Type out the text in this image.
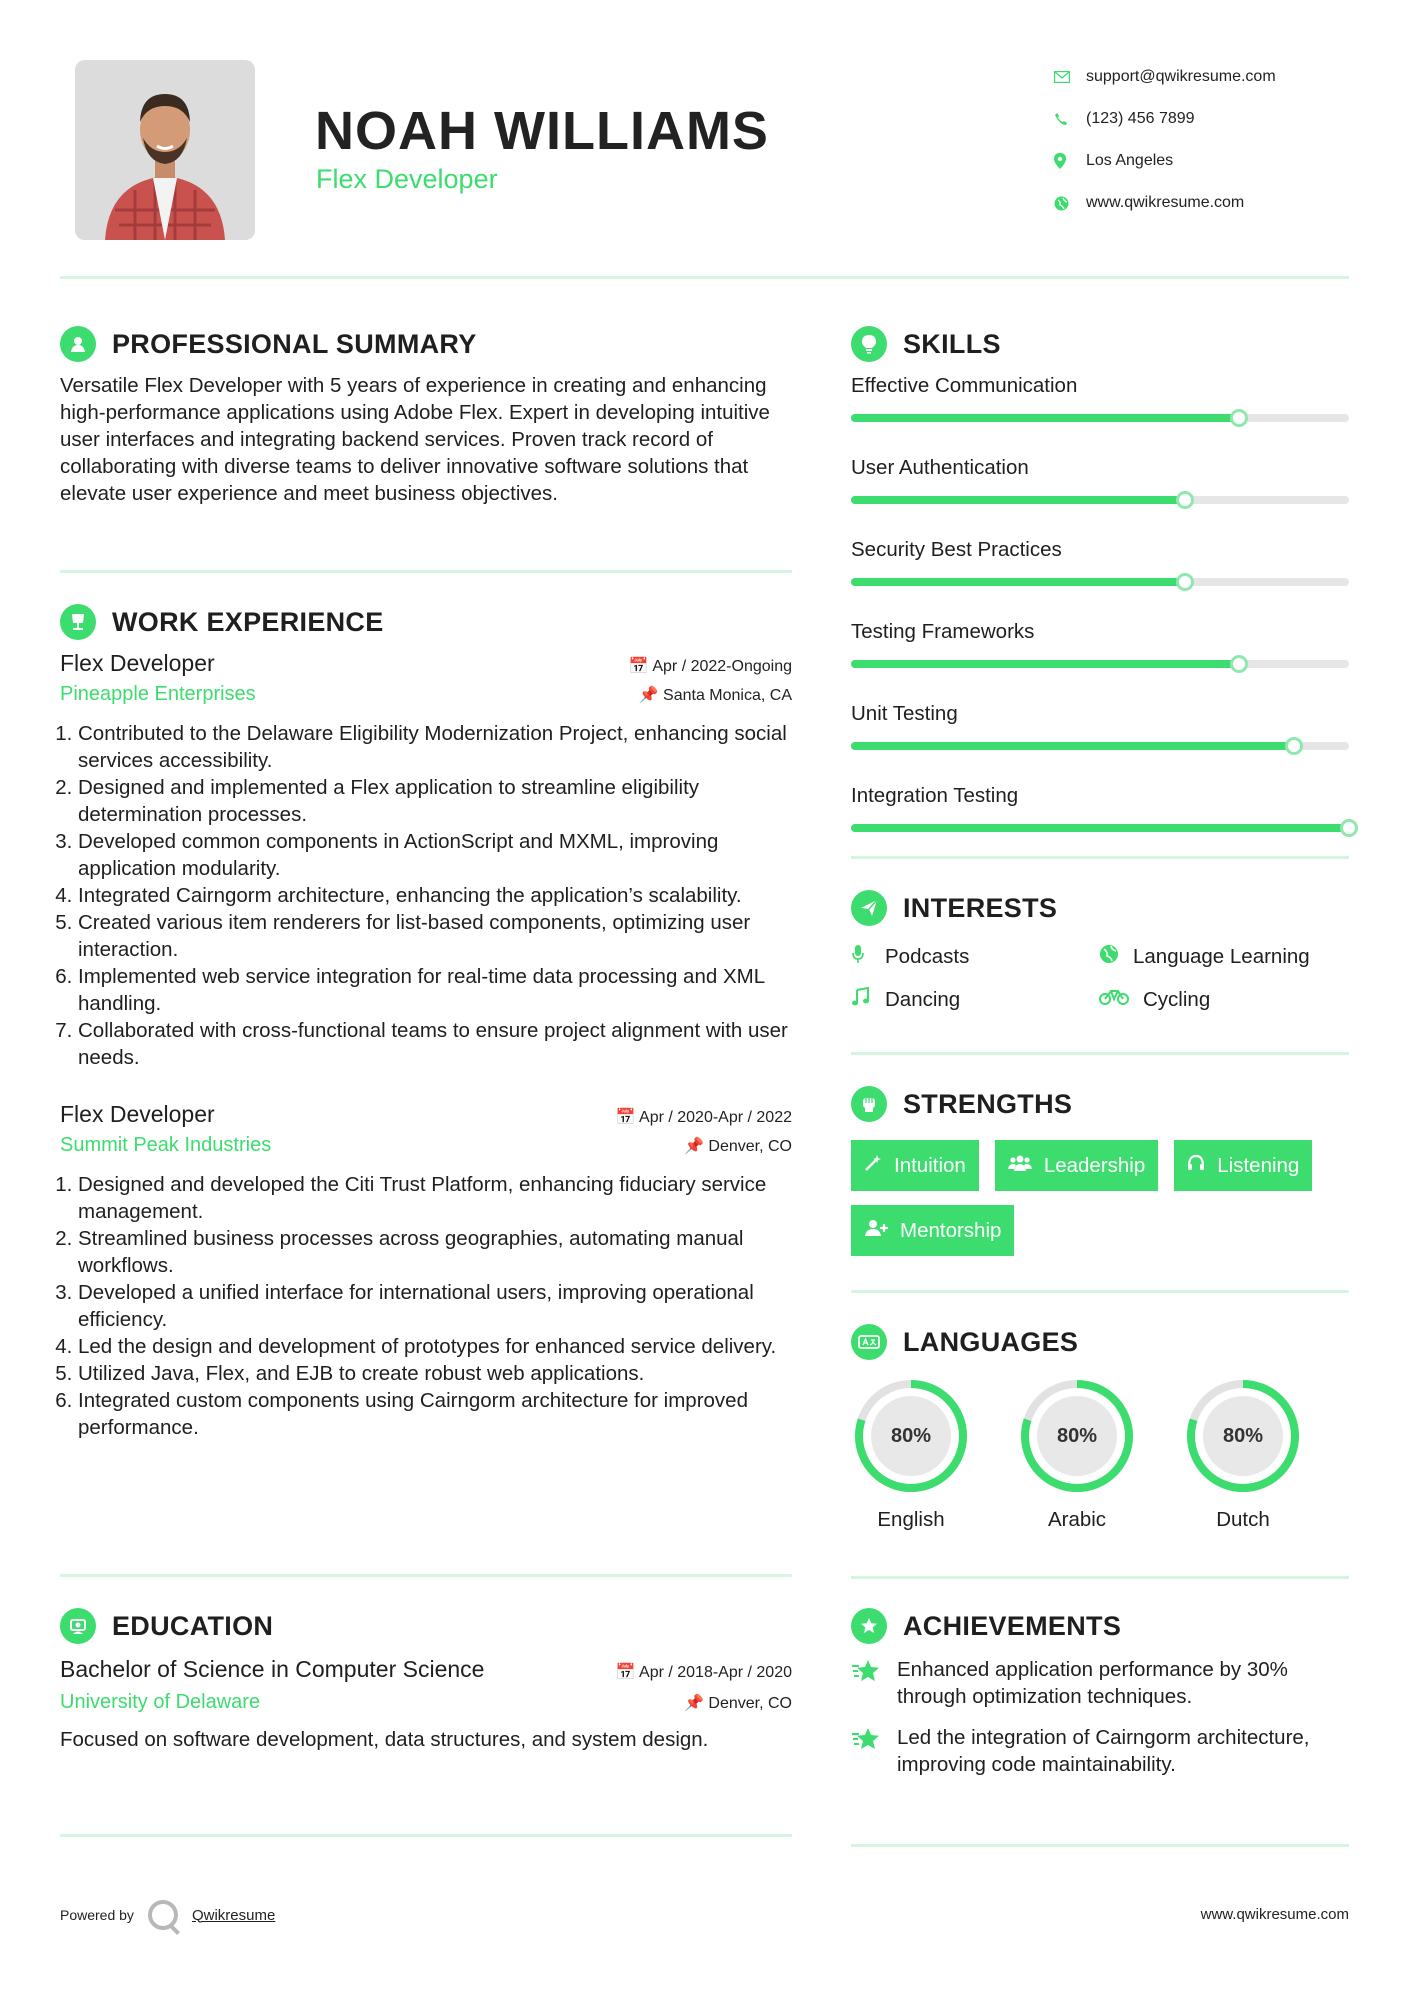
NOAH WILLIAMS
Flex Developer
support@qwikresume.com
(123) 456 7899
Los Angeles
www.qwikresume.com
PROFESSIONAL SUMMARY

Versatile Flex Developer with 5 years of experience in creating and enhancing high-performance applications using Adobe Flex. Expert in developing intuitive user interfaces and integrating backend services. Proven track record of collaborating with diverse teams to deliver innovative software solutions that elevate user experience and meet business objectives.

WORK EXPERIENCE
Flex Developer	📅 Apr / 2022-Ongoing
Pineapple Enterprises	📌 Santa Monica, CA
1. Contributed to the Delaware Eligibility Modernization Project, enhancing social services accessibility.
2. Designed and implemented a Flex application to streamline eligibility determination processes.
3. Developed common components in ActionScript and MXML, improving application modularity.
4. Integrated Cairngorm architecture, enhancing the application’s scalability.
5. Created various item renderers for list-based components, optimizing user interaction.
6. Implemented web service integration for real-time data processing and XML handling.
7. Collaborated with cross-functional teams to ensure project alignment with user needs.
Flex Developer	📅 Apr / 2020-Apr / 2022
Summit Peak Industries	📌 Denver, CO
1. Designed and developed the Citi Trust Platform, enhancing fiduciary service management.
2. Streamlined business processes across geographies, automating manual workflows.
3. Developed a unified interface for international users, improving operational efficiency.
4. Led the design and development of prototypes for enhanced service delivery.
5. Utilized Java, Flex, and EJB to create robust web applications.
6. Integrated custom components using Cairngorm architecture for improved performance.
EDUCATION
Bachelor of Science in Computer Science	📅 Apr / 2018-Apr / 2020
University of Delaware	📌 Denver, CO

Focused on software development, data structures, and system design.

SKILLS
Effective Communication
User Authentication
Security Best Practices
Testing Frameworks
Unit Testing
Integration Testing
INTERESTS
Podcasts	Language Learning
Dancing	Cycling
STRENGTHS
Intuition	Leadership	Listening
Mentorship
LANGUAGES
80%
English
80%
Arabic
80%
Dutch
ACHIEVEMENTS
Enhanced application performance by 30% through optimization techniques.
Led the integration of Cairngorm architecture, improving code maintainability.
Powered by	Qwikresume	www.qwikresume.com
